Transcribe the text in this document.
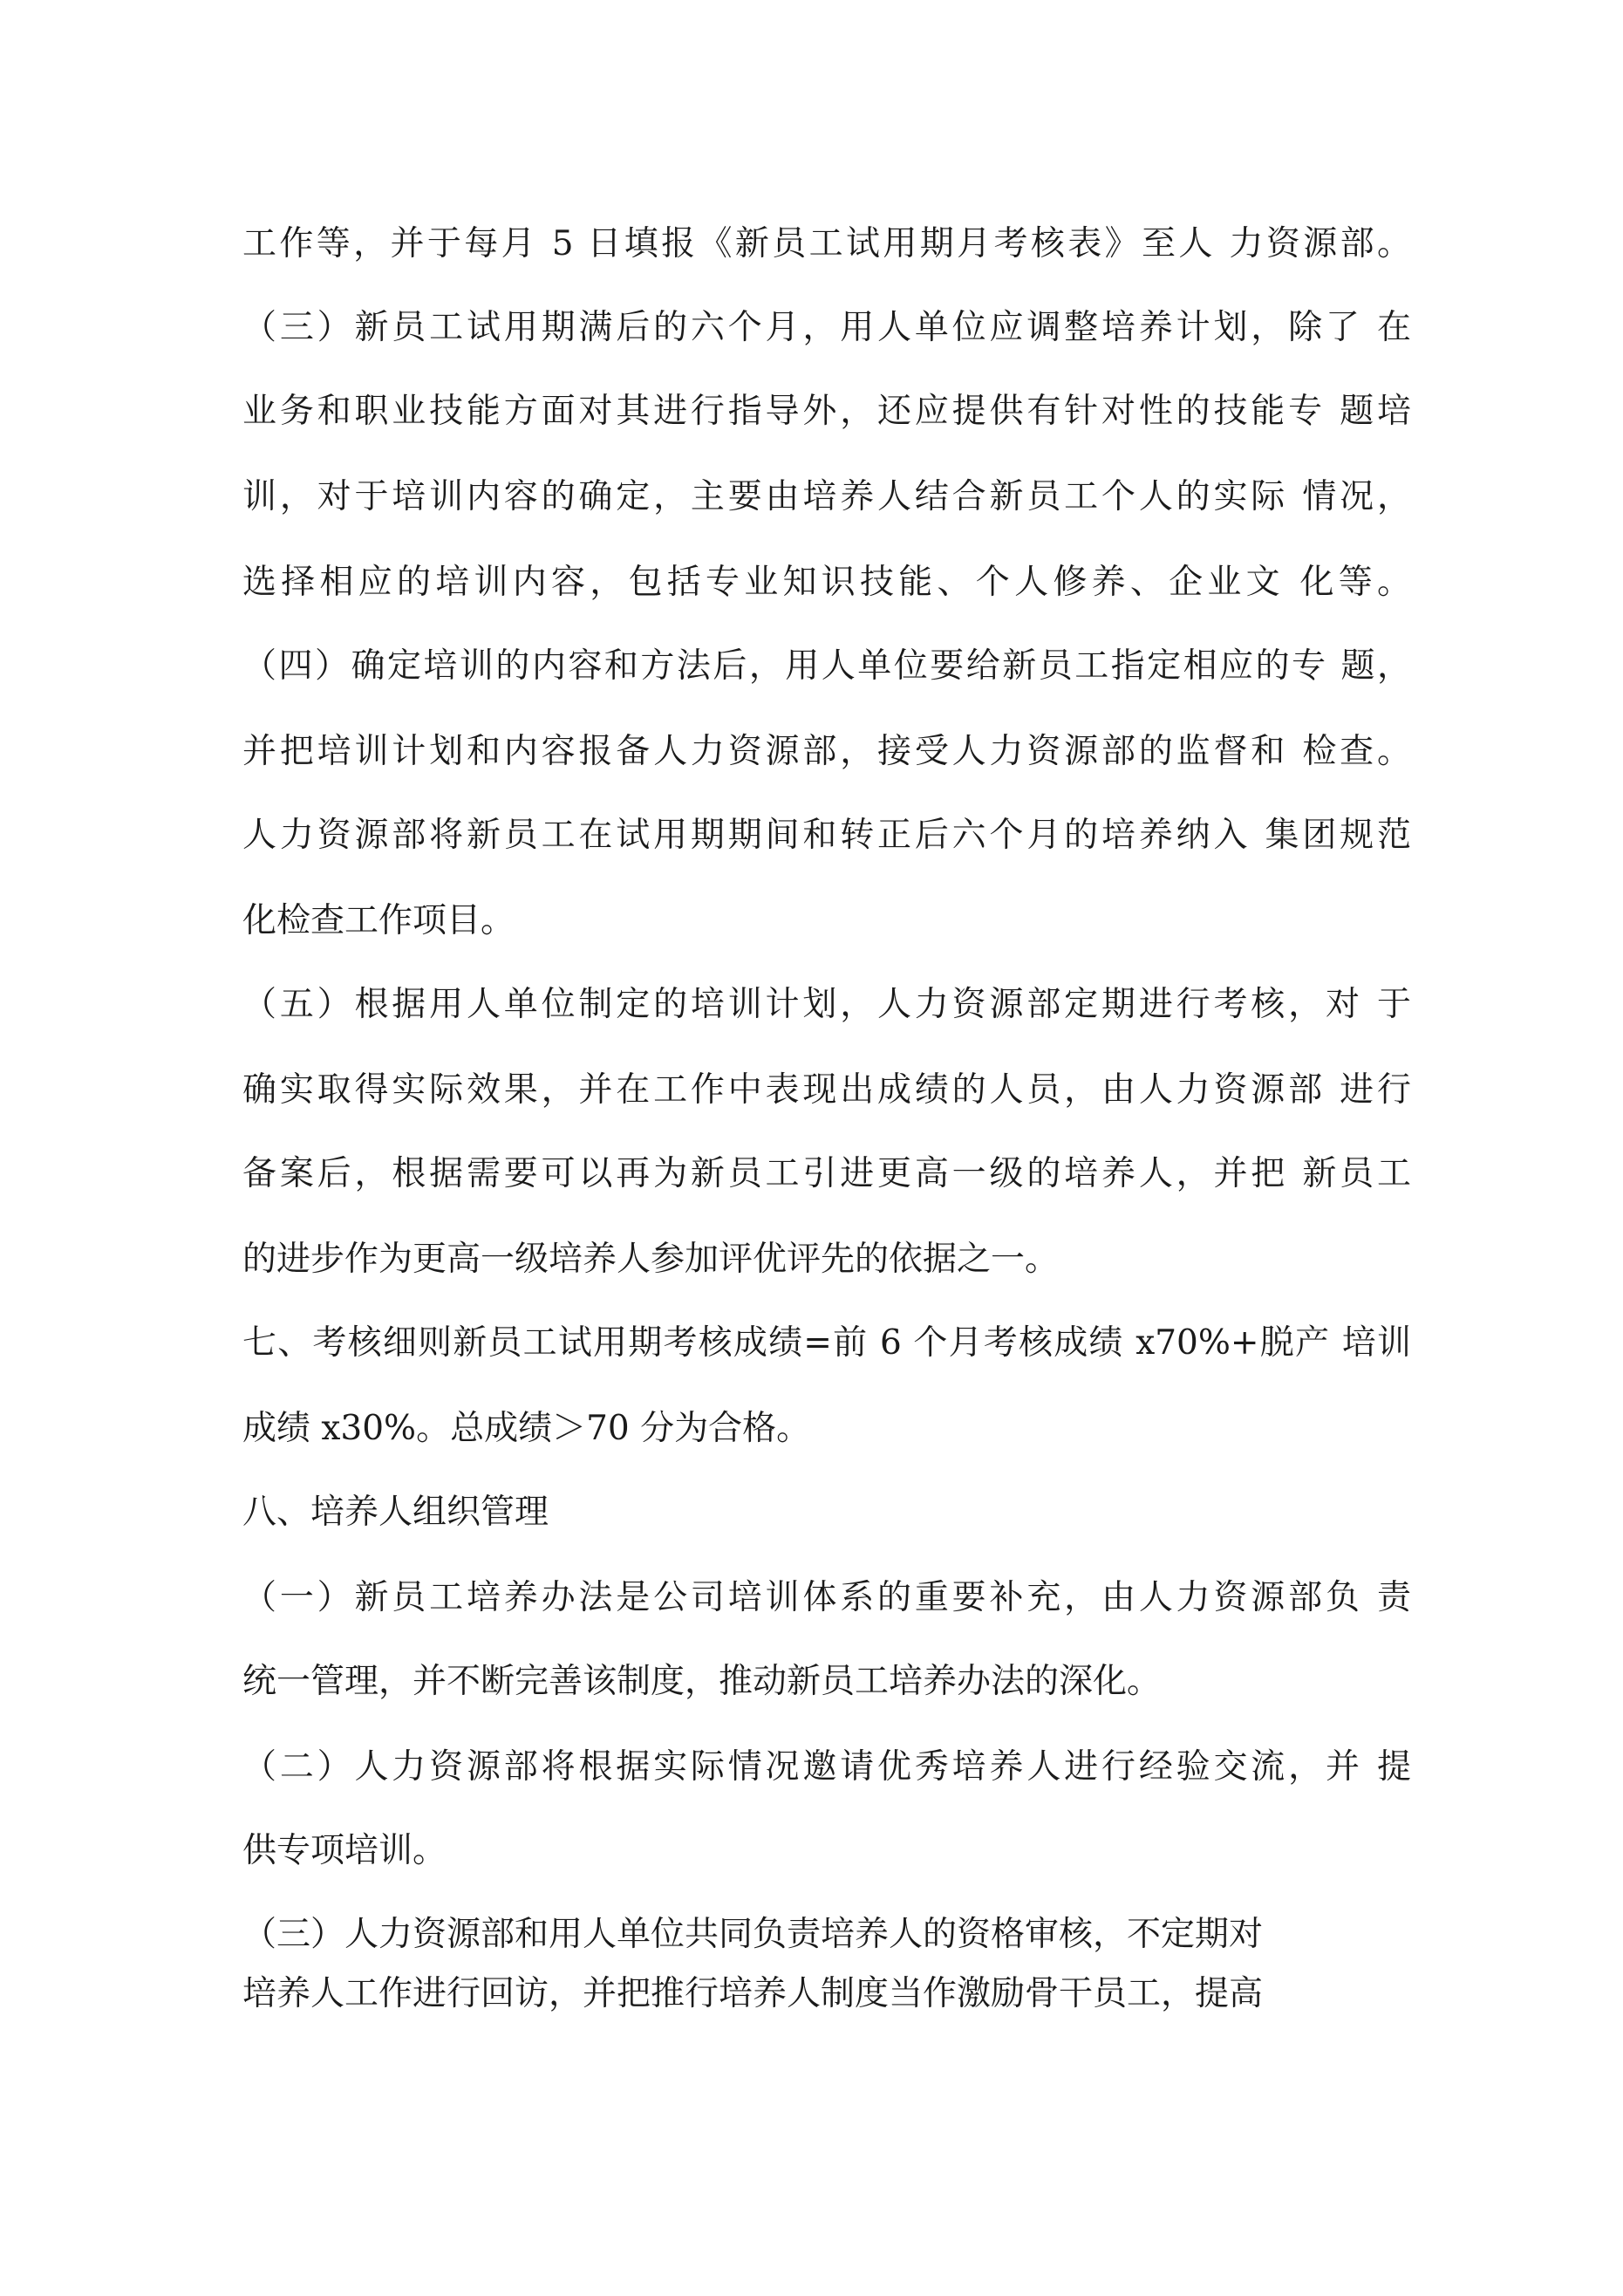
工作等，并于每月 5 日填报《新员工试用期月考核表》至人 力资源部。
（三）新员工试用期满后的六个月，用人单位应调整培养计划，除了 在
业务和职业技能方面对其进行指导外，还应提供有针对性的技能专 题培
训，对于培训内容的确定，主要由培养人结合新员工个人的实际 情况，
选择相应的培训内容，包括专业知识技能、个人修养、企业文 化等。
（四）确定培训的内容和方法后，用人单位要给新员工指定相应的专 题，
并把培训计划和内容报备人力资源部，接受人力资源部的监督和 检查。
人力资源部将新员工在试用期期间和转正后六个月的培养纳入 集团规范
化检查工作项目。
（五）根据用人单位制定的培训计划，人力资源部定期进行考核，对 于
确实取得实际效果，并在工作中表现出成绩的人员，由人力资源部 进行
备案后，根据需要可以再为新员工引进更高一级的培养人，并把 新员工
的进步作为更高一级培养人参加评优评先的依据之一。
七、考核细则新员工试用期考核成绩=前 6 个月考核成绩 x70%+脱产 培训
成绩 x30%。总成绩＞70 分为合格。
八、培养人组织管理
（一）新员工培养办法是公司培训体系的重要补充，由人力资源部负 责
统一管理，并不断完善该制度，推动新员工培养办法的深化。
（二）人力资源部将根据实际情况邀请优秀培养人进行经验交流，并 提
供专项培训。
（三）人力资源部和用人单位共同负责培养人的资格审核，不定期对
培养人工作进行回访，并把推行培养人制度当作激励骨干员工，提高
